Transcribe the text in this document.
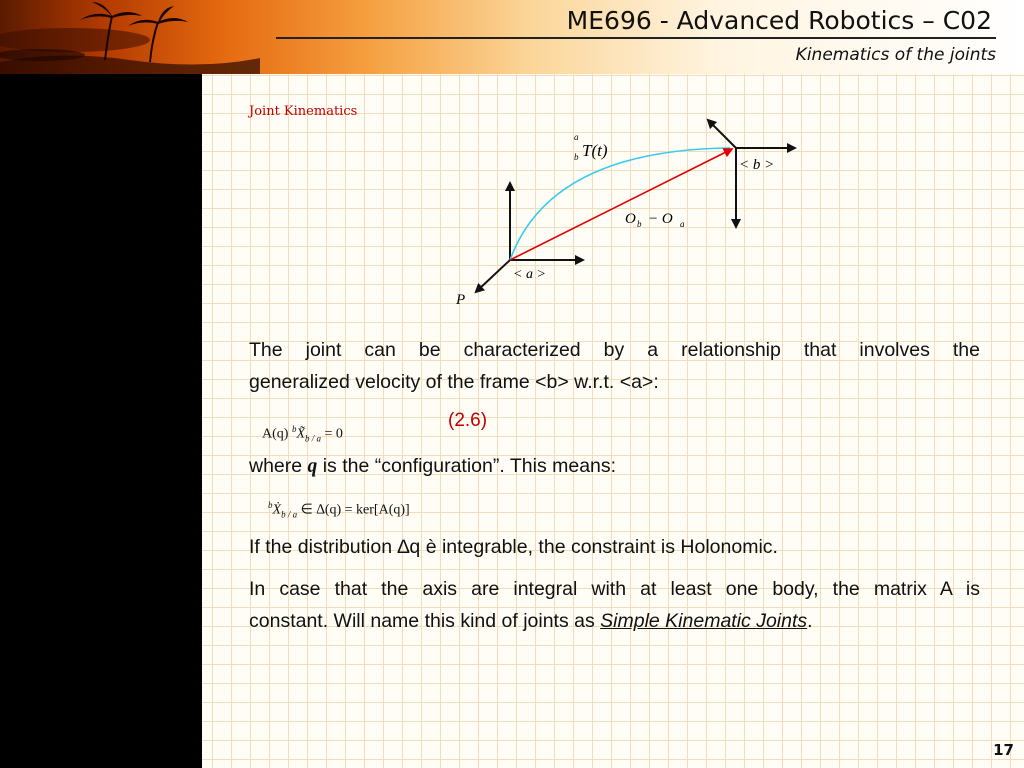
ME696 - Advanced Robotics – C02
Kinematics of the joints
Joint Kinematics
a
b T(t)
< b >
< a >
O b − O a
P
The joint can be characterized by a relationship that involves the
generalized velocity of the frame <b> w.r.t. <a>:
A(q) $^bX̃_{b / a} = 0$
(2.6)
where q is the “configuration”. This means:
$^b$Ẋ$_{b / a}$ ∈ ∆(q) = ker[A(q)]
If the distribution ∆q è integrable, the constraint is Holonomic.
In case that the axis are integral with at least one body, the matrix A is
constant. Will name this kind of joints as Simple Kinematic Joints.
17
